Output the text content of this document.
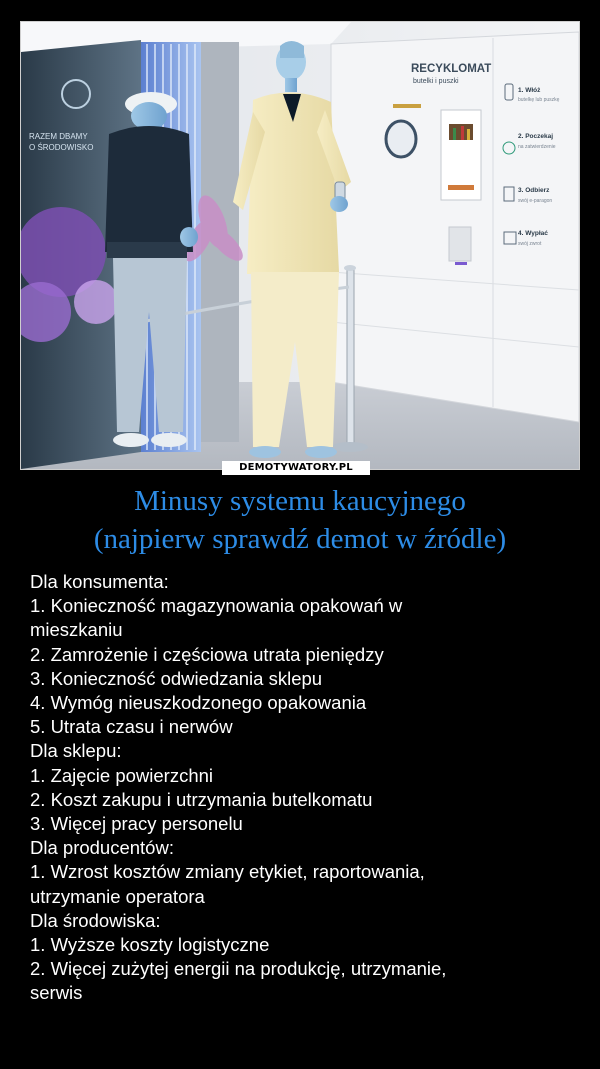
RAZEM DBAMY
O ŚRODOWISKO
RECYKLOMAT
butelki i puszki
1. Włóż
butelkę lub puszkę
2. Poczekaj
na zatwierdzenie
3. Odbierz
swój e-paragon
4. Wypłać
swój zwrot
DEMOTYWATORY.PL
Minusy systemu kaucyjnego
(najpierw sprawdź demot w źródle)
Dla konsumenta:
1. Konieczność magazynowania opakowań w
mieszkaniu
2. Zamrożenie i częściowa utrata pieniędzy
3. Konieczność odwiedzania sklepu
4. Wymóg nieuszkodzonego opakowania
5. Utrata czasu i nerwów
Dla sklepu:
1. Zajęcie powierzchni
2. Koszt zakupu i utrzymania butelkomatu
3. Więcej pracy personelu
Dla producentów:
1. Wzrost kosztów zmiany etykiet, raportowania,
utrzymanie operatora
Dla środowiska:
1. Wyższe koszty logistyczne
2. Więcej zużytej energii na produkcję, utrzymanie,
serwis
